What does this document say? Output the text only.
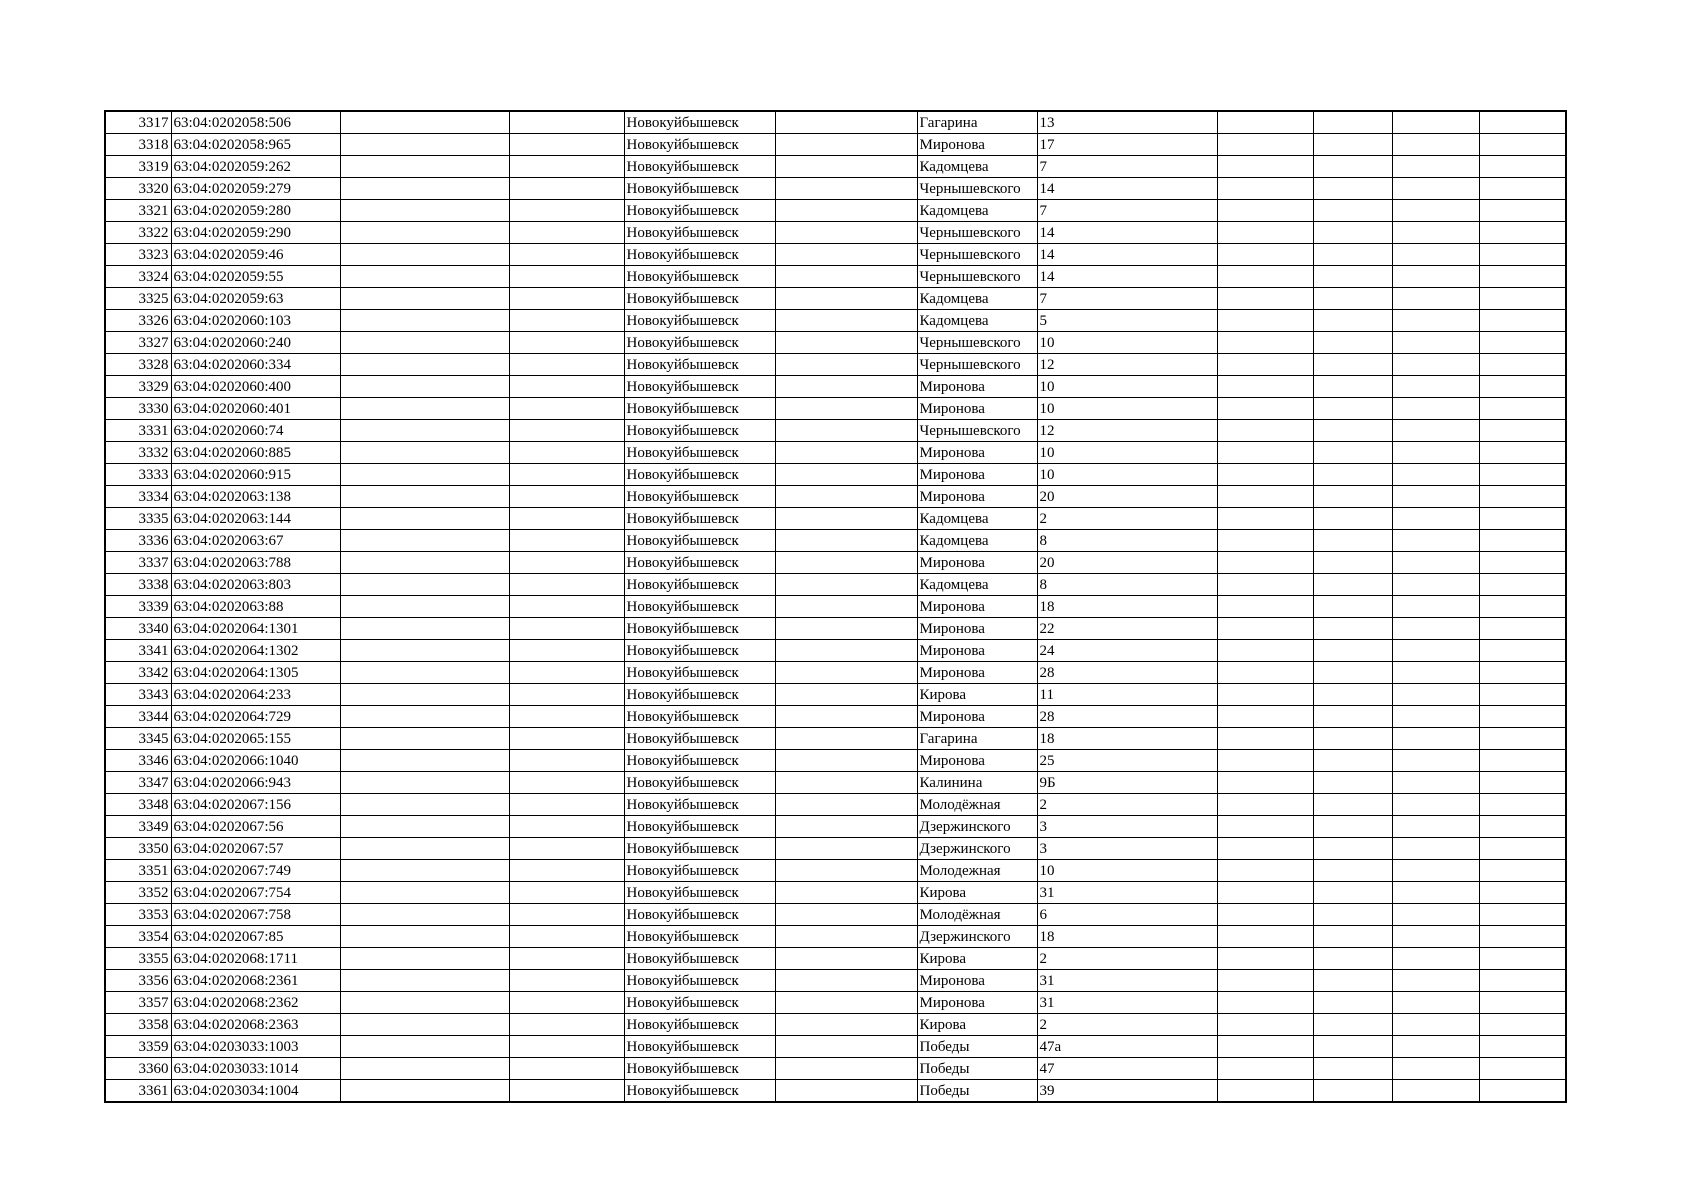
3317	63:04:0202058:506			Новокуйбышевск		Гагарина	13				
3318	63:04:0202058:965			Новокуйбышевск		Миронова	17				
3319	63:04:0202059:262			Новокуйбышевск		Кадомцева	7				
3320	63:04:0202059:279			Новокуйбышевск		Чернышевского	14				
3321	63:04:0202059:280			Новокуйбышевск		Кадомцева	7				
3322	63:04:0202059:290			Новокуйбышевск		Чернышевского	14				
3323	63:04:0202059:46			Новокуйбышевск		Чернышевского	14				
3324	63:04:0202059:55			Новокуйбышевск		Чернышевского	14				
3325	63:04:0202059:63			Новокуйбышевск		Кадомцева	7				
3326	63:04:0202060:103			Новокуйбышевск		Кадомцева	5				
3327	63:04:0202060:240			Новокуйбышевск		Чернышевского	10				
3328	63:04:0202060:334			Новокуйбышевск		Чернышевского	12				
3329	63:04:0202060:400			Новокуйбышевск		Миронова	10				
3330	63:04:0202060:401			Новокуйбышевск		Миронова	10				
3331	63:04:0202060:74			Новокуйбышевск		Чернышевского	12				
3332	63:04:0202060:885			Новокуйбышевск		Миронова	10				
3333	63:04:0202060:915			Новокуйбышевск		Миронова	10				
3334	63:04:0202063:138			Новокуйбышевск		Миронова	20				
3335	63:04:0202063:144			Новокуйбышевск		Кадомцева	2				
3336	63:04:0202063:67			Новокуйбышевск		Кадомцева	8				
3337	63:04:0202063:788			Новокуйбышевск		Миронова	20				
3338	63:04:0202063:803			Новокуйбышевск		Кадомцева	8				
3339	63:04:0202063:88			Новокуйбышевск		Миронова	18				
3340	63:04:0202064:1301			Новокуйбышевск		Миронова	22				
3341	63:04:0202064:1302			Новокуйбышевск		Миронова	24				
3342	63:04:0202064:1305			Новокуйбышевск		Миронова	28				
3343	63:04:0202064:233			Новокуйбышевск		Кирова	11				
3344	63:04:0202064:729			Новокуйбышевск		Миронова	28				
3345	63:04:0202065:155			Новокуйбышевск		Гагарина	18				
3346	63:04:0202066:1040			Новокуйбышевск		Миронова	25				
3347	63:04:0202066:943			Новокуйбышевск		Калинина	9Б				
3348	63:04:0202067:156			Новокуйбышевск		Молодёжная	2				
3349	63:04:0202067:56			Новокуйбышевск		Дзержинского	3				
3350	63:04:0202067:57			Новокуйбышевск		Дзержинского	3				
3351	63:04:0202067:749			Новокуйбышевск		Молодежная	10				
3352	63:04:0202067:754			Новокуйбышевск		Кирова	31				
3353	63:04:0202067:758			Новокуйбышевск		Молодёжная	6				
3354	63:04:0202067:85			Новокуйбышевск		Дзержинского	18				
3355	63:04:0202068:1711			Новокуйбышевск		Кирова	2				
3356	63:04:0202068:2361			Новокуйбышевск		Миронова	31				
3357	63:04:0202068:2362			Новокуйбышевск		Миронова	31				
3358	63:04:0202068:2363			Новокуйбышевск		Кирова	2				
3359	63:04:0203033:1003			Новокуйбышевск		Победы	47а				
3360	63:04:0203033:1014			Новокуйбышевск		Победы	47				
3361	63:04:0203034:1004			Новокуйбышевск		Победы	39				
